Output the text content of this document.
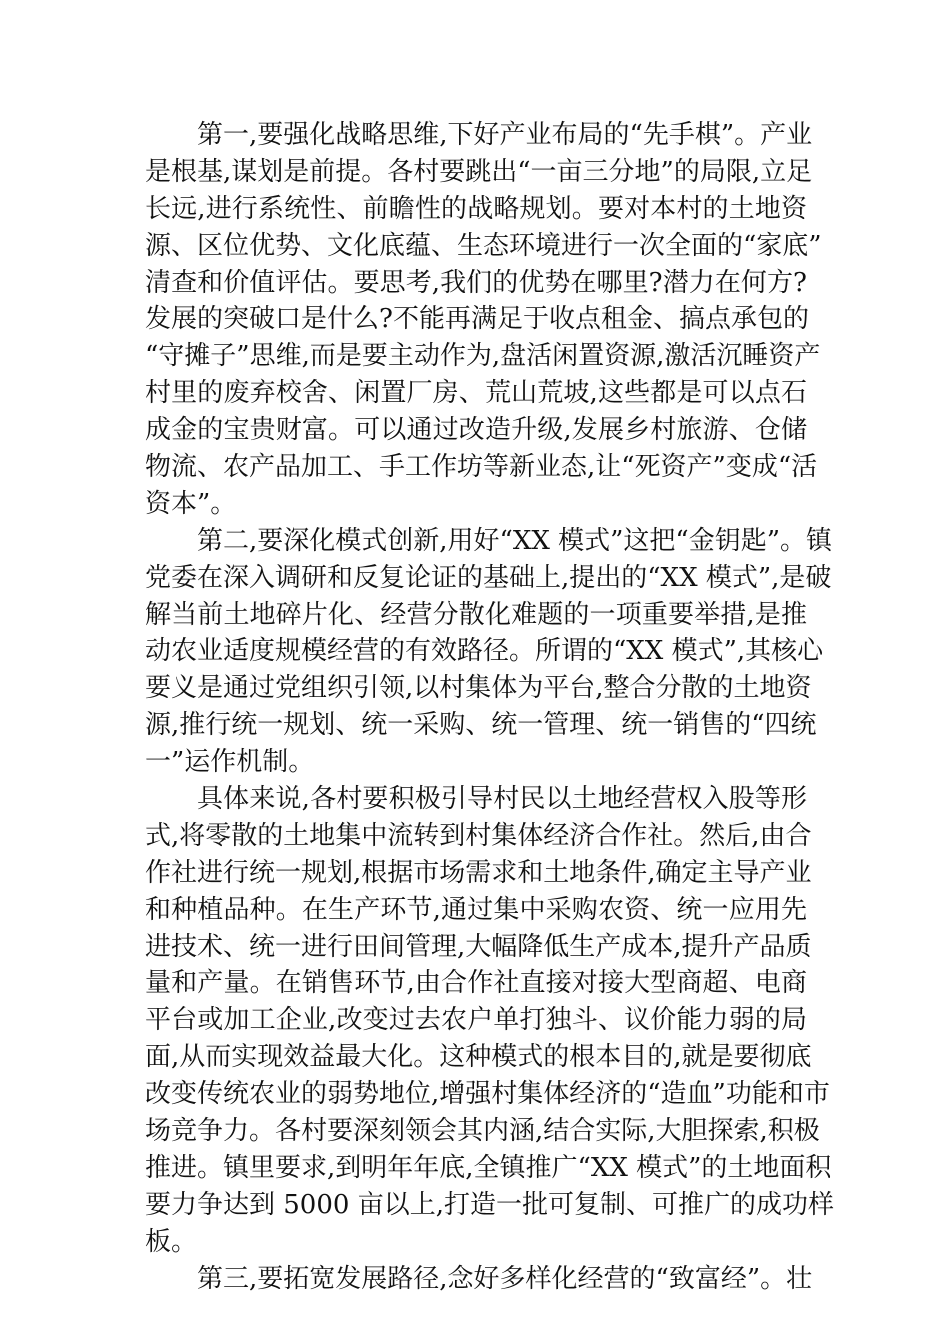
第一,要强化战略思维,下好产业布局的“先手棋”。产业
是根基,谋划是前提。各村要跳出“一亩三分地”的局限,立足
长远,进行系统性、前瞻性的战略规划。要对本村的土地资
源、区位优势、文化底蕴、生态环境进行一次全面的“家底”
清查和价值评估。要思考,我们的优势在哪里?潜力在何方?
发展的突破口是什么?不能再满足于收点租金、搞点承包的
“守摊子”思维,而是要主动作为,盘活闲置资源,激活沉睡资产
村里的废弃校舍、闲置厂房、荒山荒坡,这些都是可以点石
成金的宝贵财富。可以通过改造升级,发展乡村旅游、仓储
物流、农产品加工、手工作坊等新业态,让“死资产”变成“活
资本”。
第二,要深化模式创新,用好“XX 模式”这把“金钥匙”。镇
党委在深入调研和反复论证的基础上,提出的“XX 模式”,是破
解当前土地碎片化、经营分散化难题的一项重要举措,是推
动农业适度规模经营的有效路径。所谓的“XX 模式”,其核心
要义是通过党组织引领,以村集体为平台,整合分散的土地资
源,推行统一规划、统一采购、统一管理、统一销售的“四统
一”运作机制。
具体来说,各村要积极引导村民以土地经营权入股等形
式,将零散的土地集中流转到村集体经济合作社。然后,由合
作社进行统一规划,根据市场需求和土地条件,确定主导产业
和种植品种。在生产环节,通过集中采购农资、统一应用先
进技术、统一进行田间管理,大幅降低生产成本,提升产品质
量和产量。在销售环节,由合作社直接对接大型商超、电商
平台或加工企业,改变过去农户单打独斗、议价能力弱的局
面,从而实现效益最大化。这种模式的根本目的,就是要彻底
改变传统农业的弱势地位,增强村集体经济的“造血”功能和市
场竞争力。各村要深刻领会其内涵,结合实际,大胆探索,积极
推进。镇里要求,到明年年底,全镇推广“XX 模式”的土地面积
要力争达到 5000 亩以上,打造一批可复制、可推广的成功样
板。
第三,要拓宽发展路径,念好多样化经营的“致富经”。壮
